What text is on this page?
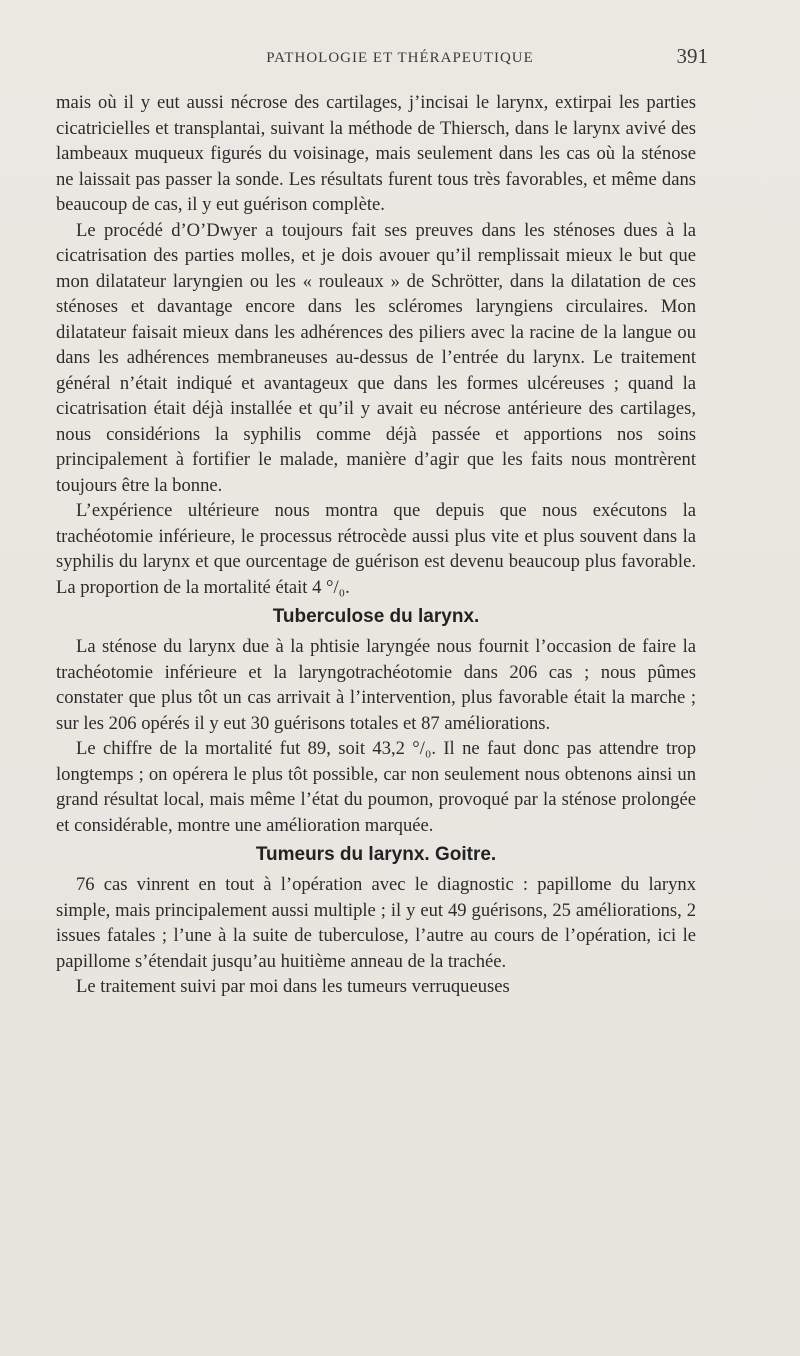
PATHOLOGIE ET THÉRAPEUTIQUE	391

mais où il y eut aussi nécrose des cartilages, j’incisai le larynx, extirpai les parties cicatricielles et transplantai, suivant la méthode de Thiersch, dans le larynx avivé des lambeaux muqueux figurés du voisinage, mais seulement dans les cas où la sténose ne laissait pas passer la sonde. Les résultats furent tous très favorables, et même dans beaucoup de cas, il y eut guérison complète.

Le procédé d’O’Dwyer a toujours fait ses preuves dans les sténoses dues à la cicatrisation des parties molles, et je dois avouer qu’il remplissait mieux le but que mon dilatateur laryngien ou les « rouleaux » de Schrötter, dans la dilatation de ces sténoses et davantage encore dans les scléromes laryngiens circulaires. Mon dilatateur faisait mieux dans les adhérences des piliers avec la racine de la langue ou dans les adhérences membraneuses au-dessus de l’entrée du larynx. Le traitement général n’était indiqué et avantageux que dans les formes ulcéreuses ; quand la cicatrisation était déjà installée et qu’il y avait eu nécrose antérieure des cartilages, nous considérions la syphilis comme déjà passée et apportions nos soins principalement à fortifier le malade, manière d’agir que les faits nous montrèrent toujours être la bonne.

L’expérience ultérieure nous montra que depuis que nous exécutons la trachéotomie inférieure, le processus rétrocède aussi plus vite et plus souvent dans la syphilis du larynx et que ourcentage de guérison est devenu beaucoup plus favorable. La proportion de la mortalité était 4 °/₀.

Tuberculose du larynx.

La sténose du larynx due à la phtisie laryngée nous fournit l’occasion de faire la trachéotomie inférieure et la laryngotrachéotomie dans 206 cas ; nous pûmes constater que plus tôt un cas arrivait à l’intervention, plus favorable était la marche ; sur les 206 opérés il y eut 30 guérisons totales et 87 améliorations.

Le chiffre de la mortalité fut 89, soit 43,2 °/₀. Il ne faut donc pas attendre trop longtemps ; on opérera le plus tôt possible, car non seulement nous obtenons ainsi un grand résultat local, mais même l’état du poumon, provoqué par la sténose prolongée et considérable, montre une amélioration marquée.

Tumeurs du larynx. Goitre.

76 cas vinrent en tout à l’opération avec le diagnostic : papillome du larynx simple, mais principalement aussi multiple ; il y eut 49 guérisons, 25 améliorations, 2 issues fatales ; l’une à la suite de tuberculose, l’autre au cours de l’opération, ici le papillome s’étendait jusqu’au huitième anneau de la trachée.

Le traitement suivi par moi dans les tumeurs verruqueuses
